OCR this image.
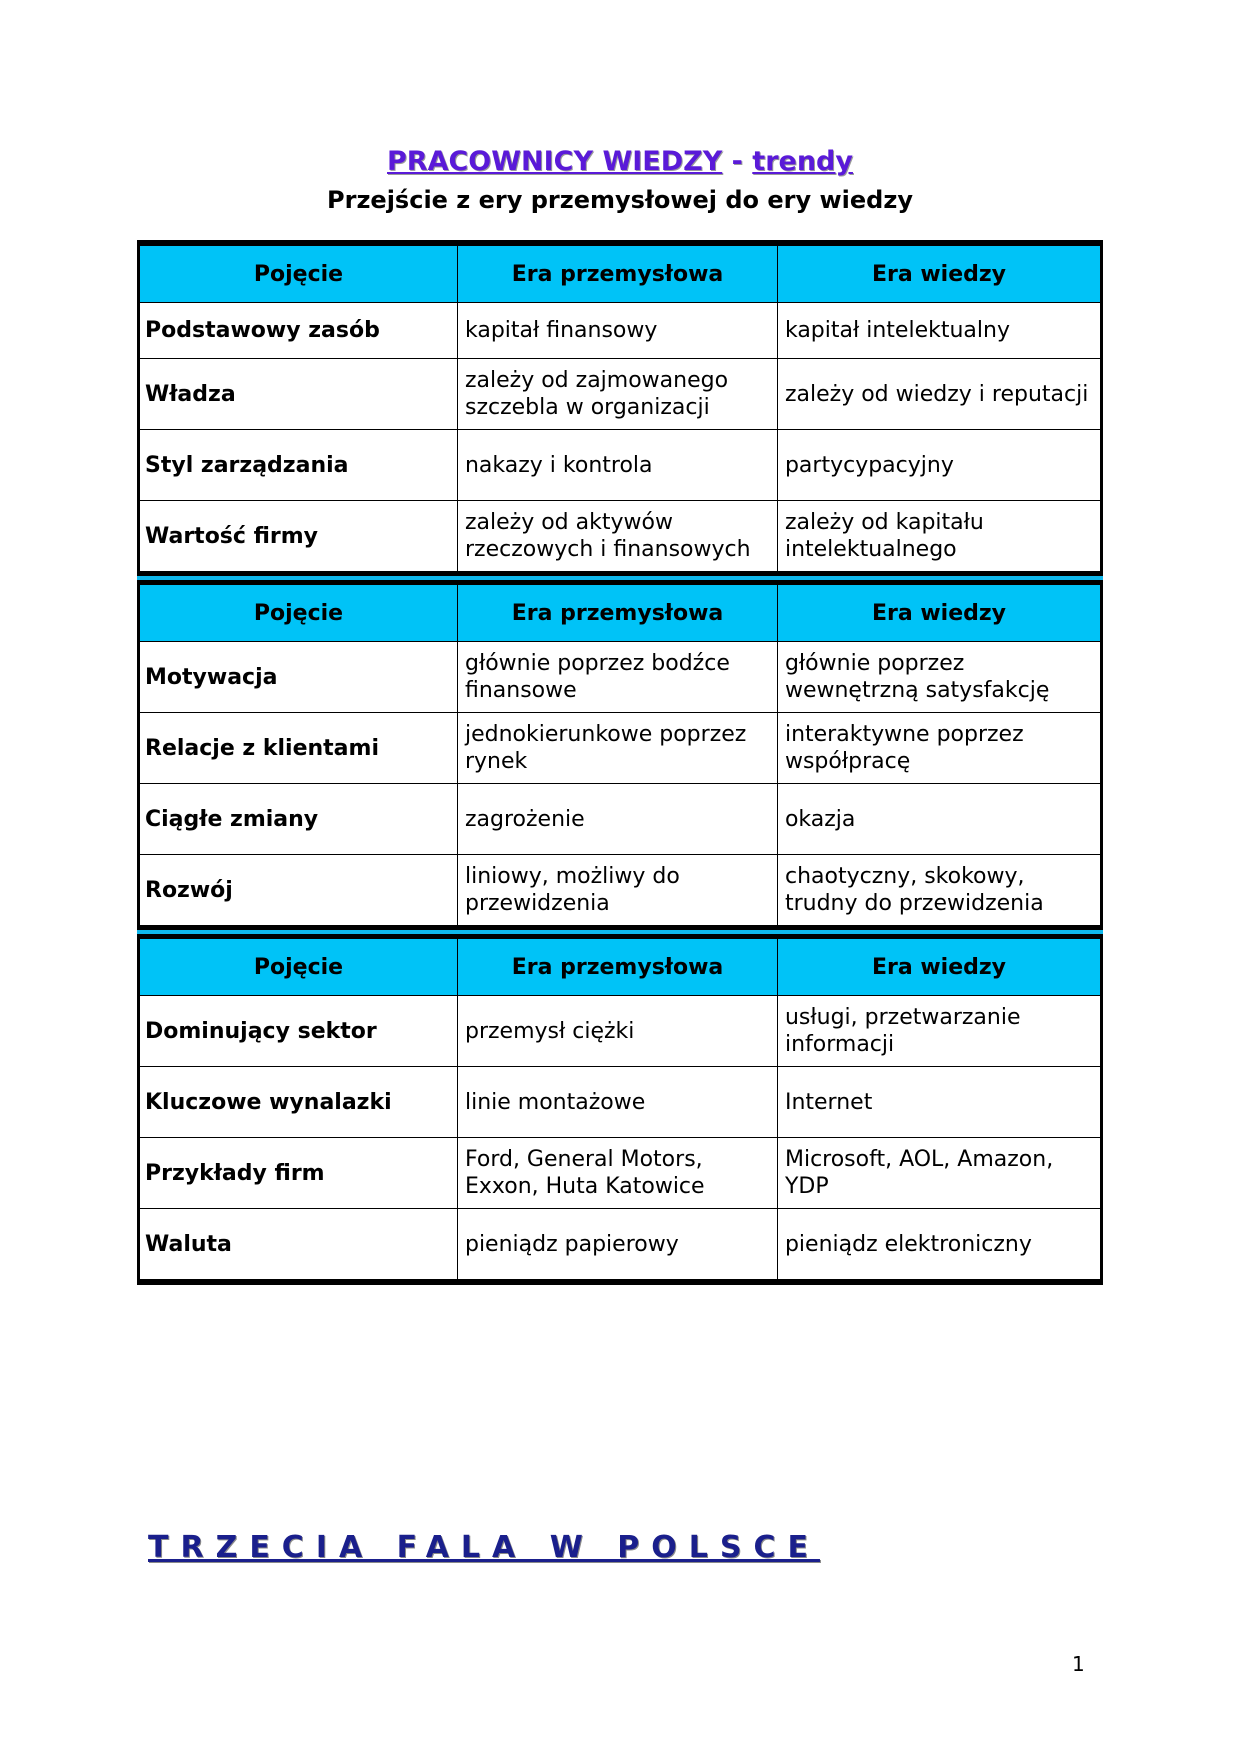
PRACOWNICY WIEDZY - trendy
Przejście z ery przemysłowej do ery wiedzy
Pojęcie	Era przemysłowa	Era wiedzy
Podstawowy zasób	kapitał finansowy	kapitał intelektualny
Władza	zależy od zajmowanego szczebla w organizacji	zależy od wiedzy i reputacji
Styl zarządzania	nakazy i kontrola	partycypacyjny
Wartość firmy	zależy od aktywów rzeczowych i finansowych	zależy od kapitału intelektualnego
Pojęcie	Era przemysłowa	Era wiedzy
Motywacja	głównie poprzez bodźce finansowe	głównie poprzez wewnętrzną satysfakcję
Relacje z klientami	jednokierunkowe poprzez rynek	interaktywne poprzez współpracę
Ciągłe zmiany	zagrożenie	okazja
Rozwój	liniowy, możliwy do przewidzenia	chaotyczny, skokowy, trudny do przewidzenia
Pojęcie	Era przemysłowa	Era wiedzy
Dominujący sektor	przemysł ciężki	usługi, przetwarzanie informacji
Kluczowe wynalazki	linie montażowe	Internet
Przykłady firm	Ford, General Motors, Exxon, Huta Katowice	Microsoft, AOL, Amazon, YDP
Waluta	pieniądz papierowy	pieniądz elektroniczny
TRZECIA FALA W POLSCE
1
